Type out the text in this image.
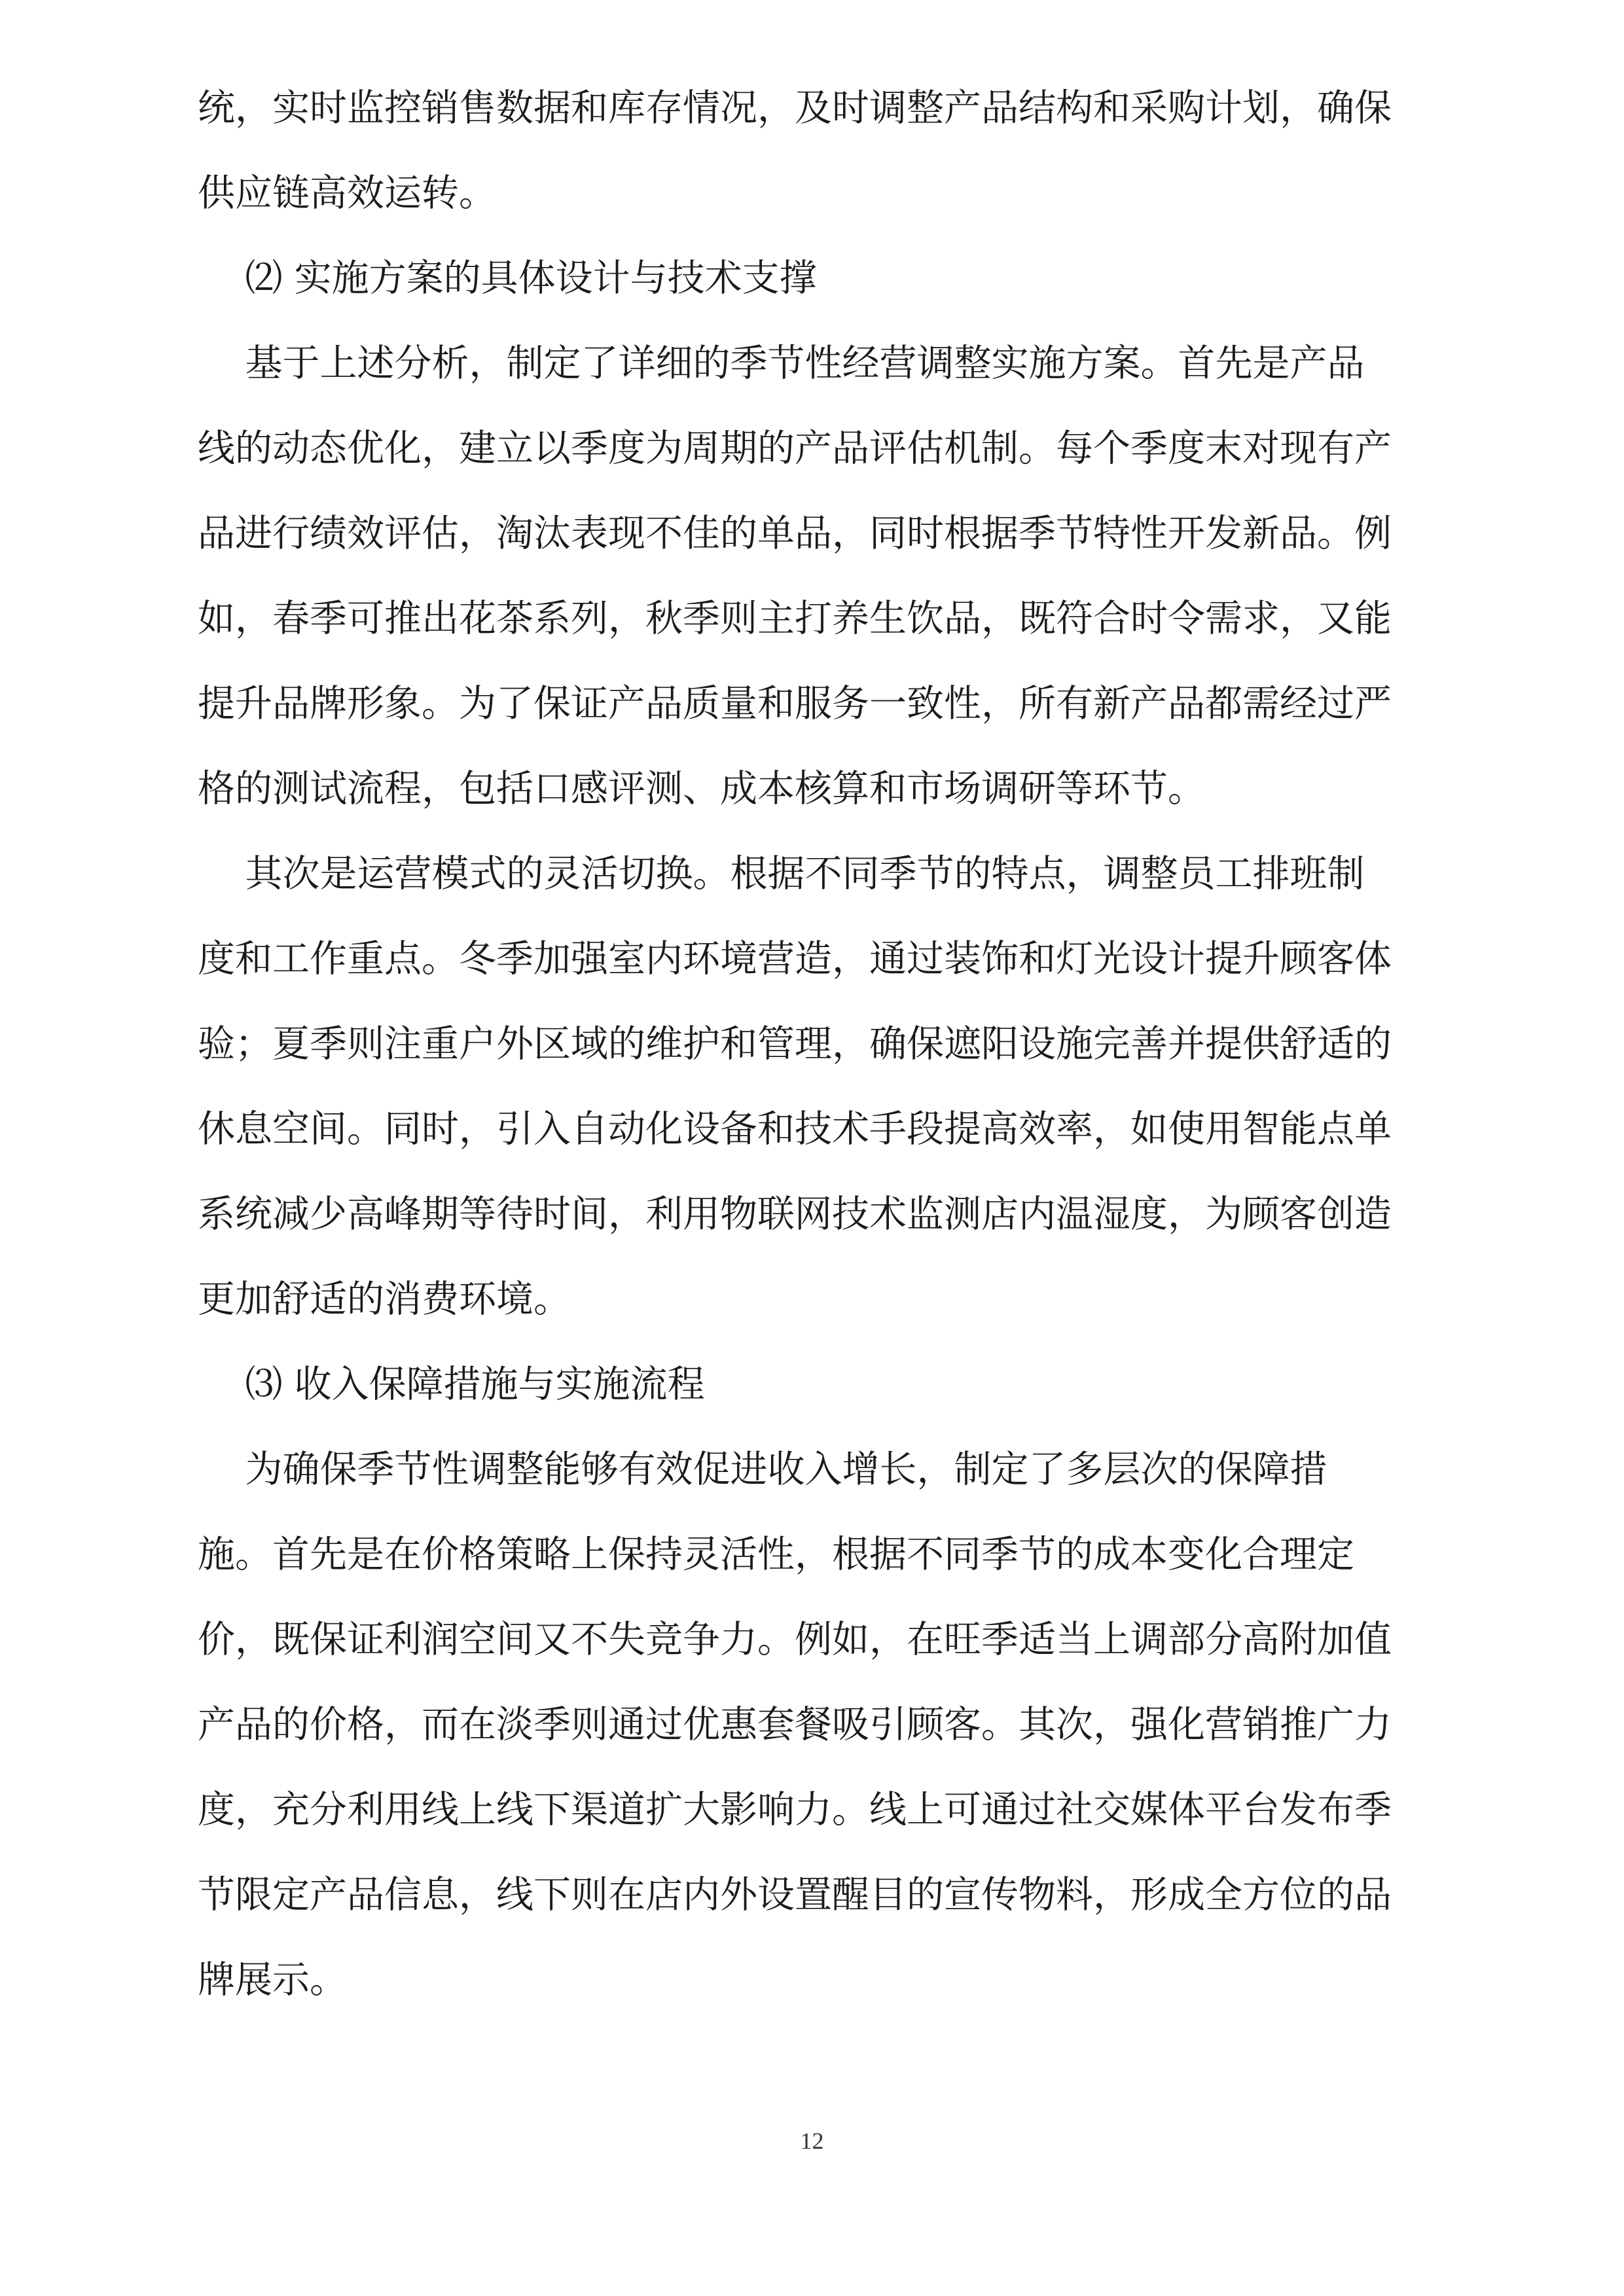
统，实时监控销售数据和库存情况，及时调整产品结构和采购计划，确保
供应链高效运转。
⑵ 实施方案的具体设计与技术支撑
基于上述分析，制定了详细的季节性经营调整实施方案。首先是产品
线的动态优化，建立以季度为周期的产品评估机制。每个季度末对现有产
品进行绩效评估，淘汰表现不佳的单品，同时根据季节特性开发新品。例
如，春季可推出花茶系列，秋季则主打养生饮品，既符合时令需求，又能
提升品牌形象。为了保证产品质量和服务一致性，所有新产品都需经过严
格的测试流程，包括口感评测、成本核算和市场调研等环节。
其次是运营模式的灵活切换。根据不同季节的特点，调整员工排班制
度和工作重点。冬季加强室内环境营造，通过装饰和灯光设计提升顾客体
验；夏季则注重户外区域的维护和管理，确保遮阳设施完善并提供舒适的
休息空间。同时，引入自动化设备和技术手段提高效率，如使用智能点单
系统减少高峰期等待时间，利用物联网技术监测店内温湿度，为顾客创造
更加舒适的消费环境。
⑶ 收入保障措施与实施流程
为确保季节性调整能够有效促进收入增长，制定了多层次的保障措
施。首先是在价格策略上保持灵活性，根据不同季节的成本变化合理定
价，既保证利润空间又不失竞争力。例如，在旺季适当上调部分高附加值
产品的价格，而在淡季则通过优惠套餐吸引顾客。其次，强化营销推广力
度，充分利用线上线下渠道扩大影响力。线上可通过社交媒体平台发布季
节限定产品信息，线下则在店内外设置醒目的宣传物料，形成全方位的品
牌展示。
12
